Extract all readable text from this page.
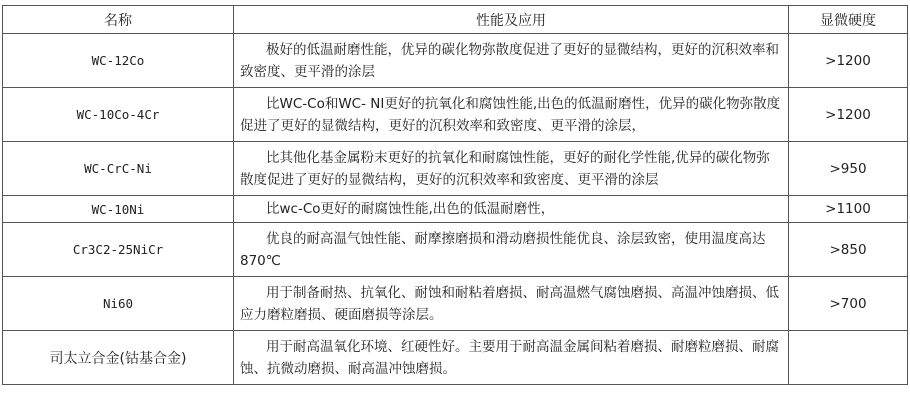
名称	性能及应用	显微硬度
WC-12Co	极好的低温耐磨性能，优异的碳化物弥散度促进了更好的显微结构，更好的沉积效率和致密度、更平滑的涂层	>1200
WC-10Co-4Cr	比WC-Co和WC- NI更好的抗氧化和腐蚀性能,出色的低温耐磨性，优异的碳化物弥散度促进了更好的显微结构，更好的沉积效率和致密度、更平滑的涂层，	>1200
WC-CrC-Ni	比其他化基金属粉末更好的抗氧化和耐腐蚀性能，更好的耐化学性能,优异的碳化物弥散度促进了更好的显微结构，更好的沉积效率和致密度、更平滑的涂层	>950
WC-10Ni	比wc-Co更好的耐腐蚀性能,出色的低温耐磨性，	>1100
Cr3C2-25NiCr	优良的耐高温气蚀性能、耐摩擦磨损和滑动磨损性能优良、涂层致密，使用温度高达870℃	>850
Ni60	用于制备耐热、抗氧化、耐蚀和耐粘着磨损、耐高温燃气腐蚀磨损、高温冲蚀磨损、低应力磨粒磨损、硬面磨损等涂层。	>700
司太立合金(钴基合金)	用于耐高温氧化环境、红硬性好。主要用于耐高温金属间粘着磨损、耐磨粒磨损、耐腐蚀、抗微动磨损、耐高温冲蚀磨损。	
